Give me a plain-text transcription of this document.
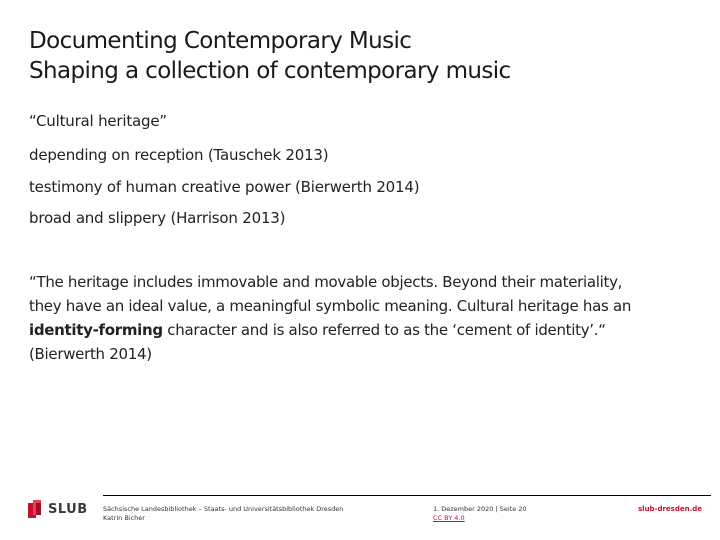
Documenting Contemporary Music
Shaping a collection of contemporary music
“Cultural heritage”
depending on reception (Tauschek 2013)
testimony of human creative power (Bierwerth 2014)
broad and slippery (Harrison 2013)
“The heritage includes immovable and movable objects. Beyond their materiality,
they have an ideal value, a meaningful symbolic meaning. Cultural heritage has an
identity-forming character and is also referred to as the ‘cement of identity’.“
(Bierwerth 2014)
SLUB Sächsische Landesbibliothek – Staats- und Universitätsbibliothek Dresden
Katrin Bicher
1. Dezember 2020 | Seite 20
CC BY 4.0
slub-dresden.de
